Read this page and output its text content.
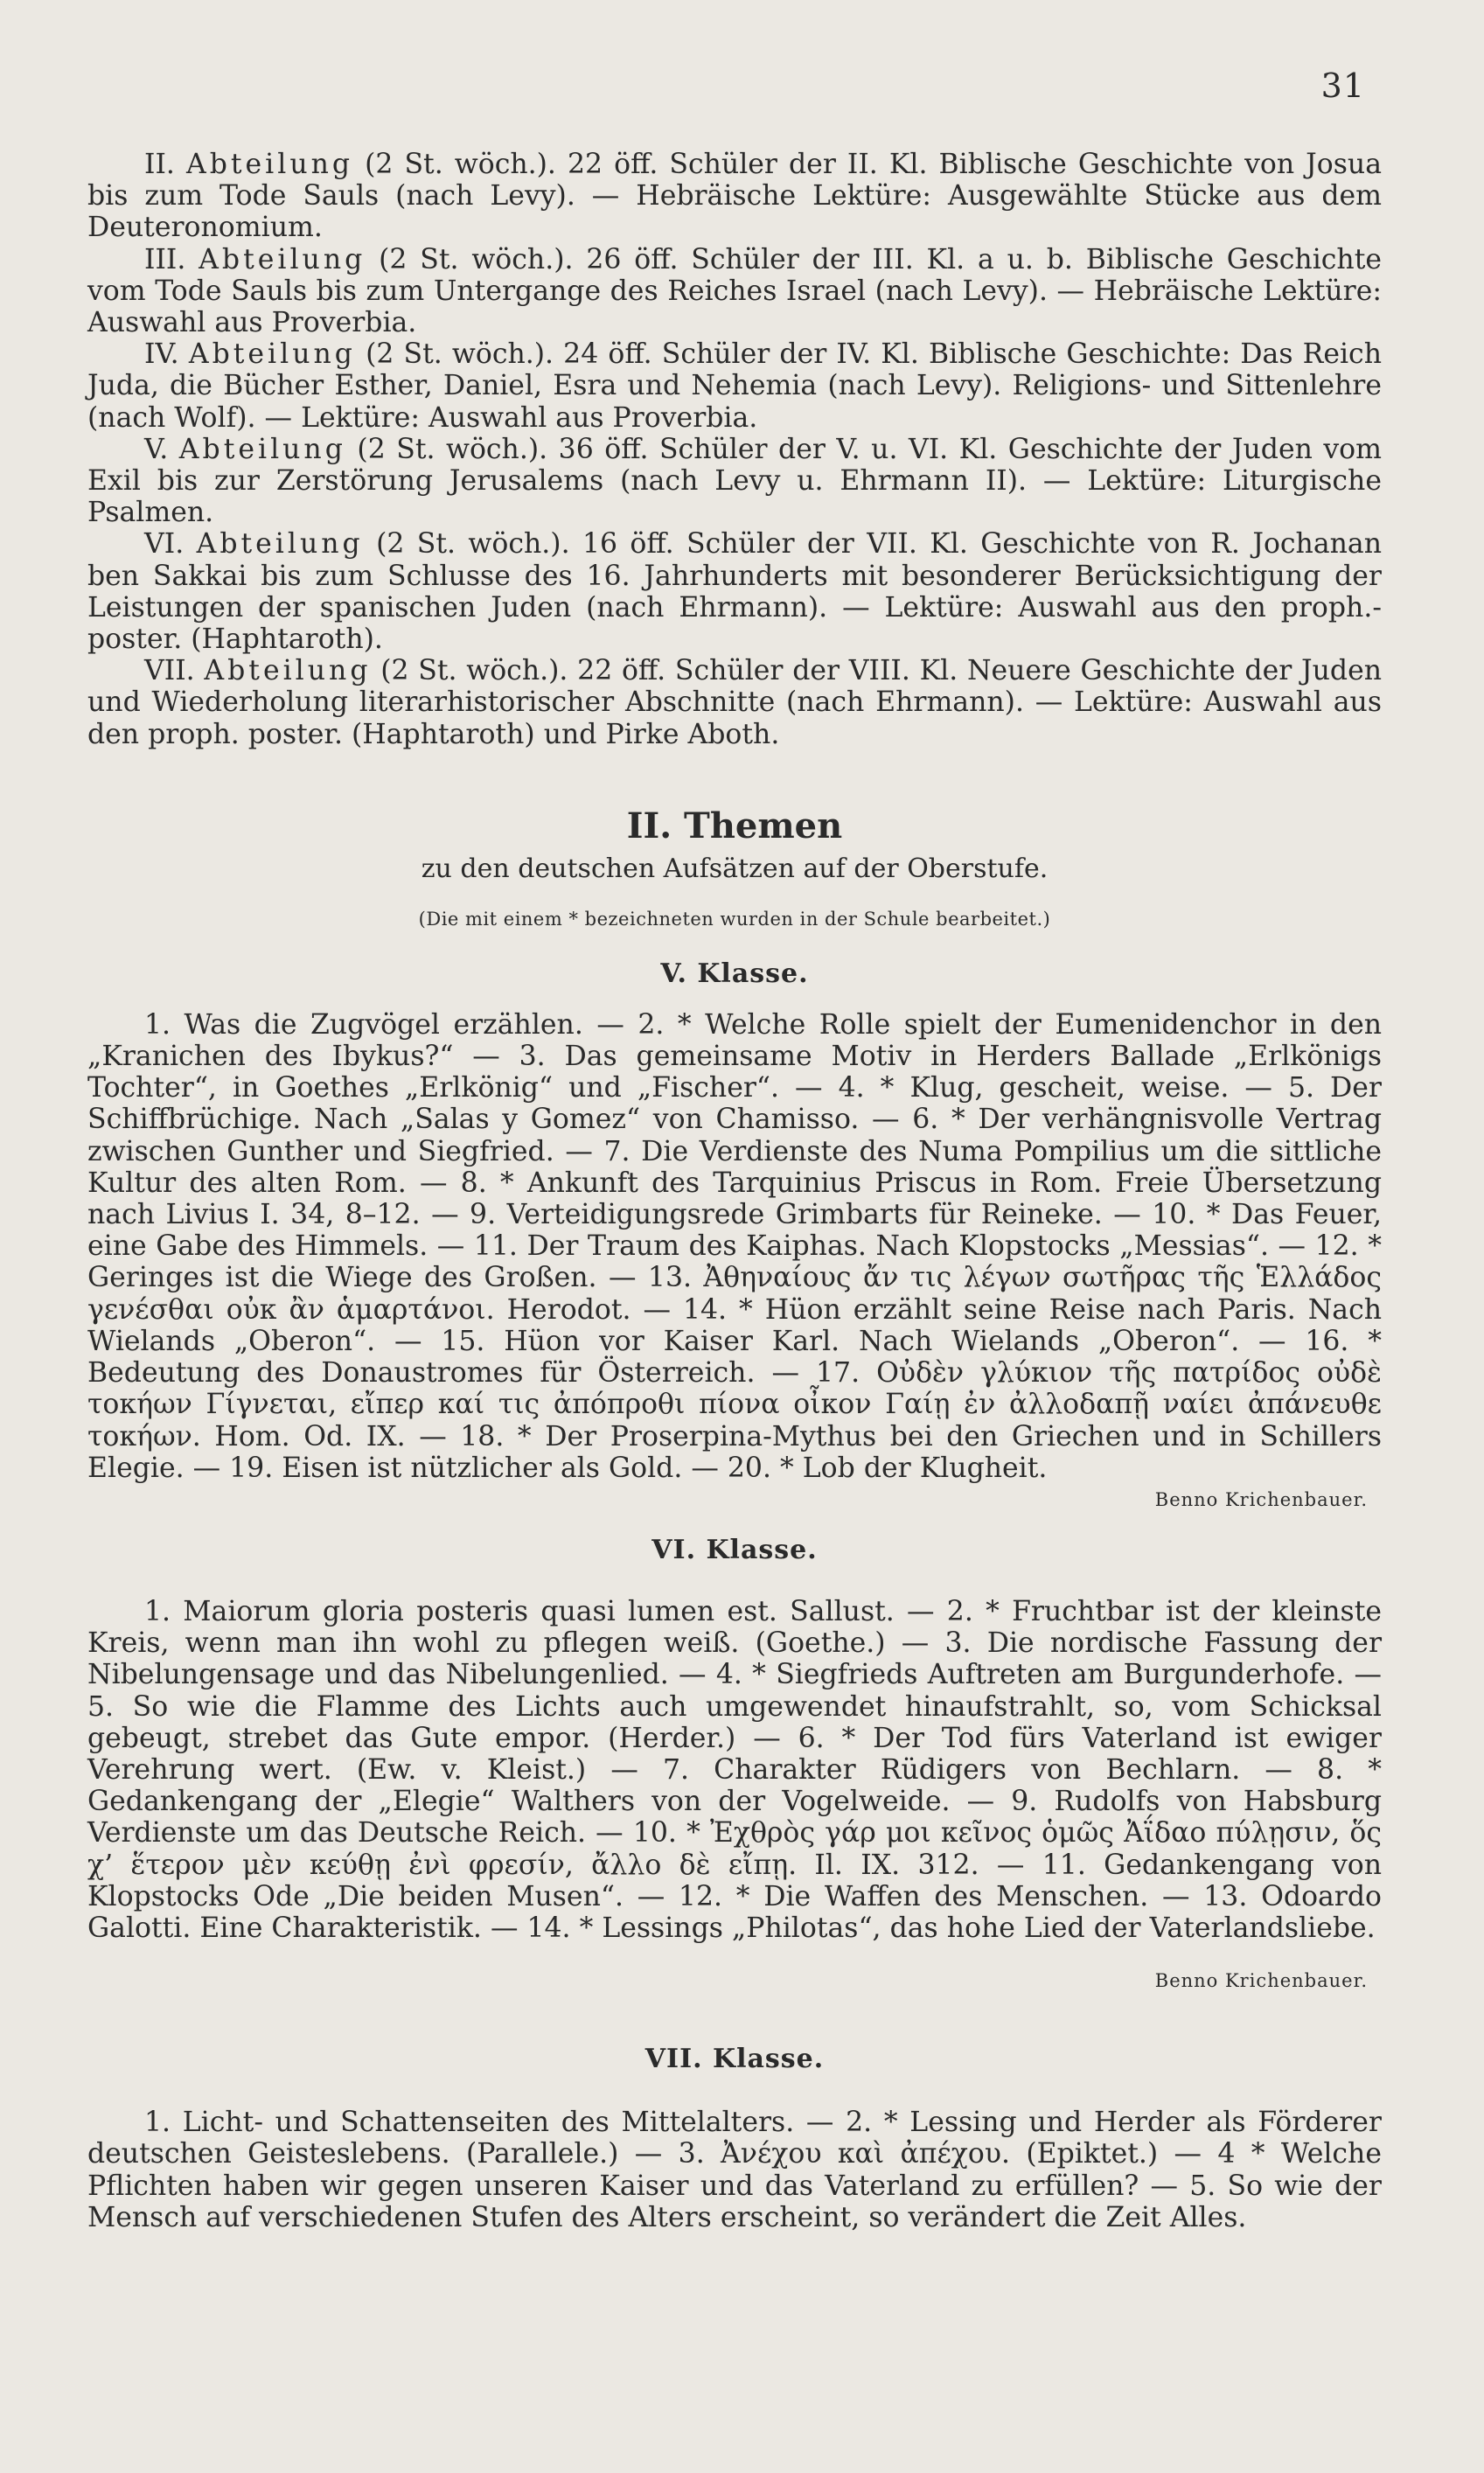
31

II. Abteilung (2 St. wöch.). 22 öff. Schüler der II. Kl. Biblische Geschichte von Josua bis zum Tode Sauls (nach Levy). — Hebräische Lektüre: Ausgewählte Stücke aus dem Deuteronomium.

III. Abteilung (2 St. wöch.). 26 öff. Schüler der III. Kl. a u. b. Biblische Geschichte vom Tode Sauls bis zum Untergange des Reiches Israel (nach Levy). — Hebräische Lektüre: Auswahl aus Proverbia.

IV. Abteilung (2 St. wöch.). 24 öff. Schüler der IV. Kl. Biblische Geschichte: Das Reich Juda, die Bücher Esther, Daniel, Esra und Nehemia (nach Levy). Religions- und Sittenlehre (nach Wolf). — Lektüre: Auswahl aus Proverbia.

V. Abteilung (2 St. wöch.). 36 öff. Schüler der V. u. VI. Kl. Geschichte der Juden vom Exil bis zur Zerstörung Jerusalems (nach Levy u. Ehrmann II). — Lektüre: Liturgische Psalmen.

VI. Abteilung (2 St. wöch.). 16 öff. Schüler der VII. Kl. Geschichte von R. Jochanan ben Sakkai bis zum Schlusse des 16. Jahrhunderts mit besonderer Berücksichtigung der Leistungen der spanischen Juden (nach Ehrmann). — Lektüre: Auswahl aus den proph.-poster. (Haphtaroth).

VII. Abteilung (2 St. wöch.). 22 öff. Schüler der VIII. Kl. Neuere Geschichte der Juden und Wiederholung literarhistorischer Abschnitte (nach Ehrmann). — Lektüre: Auswahl aus den proph. poster. (Haphtaroth) und Pirke Aboth.

II. Themen
zu den deutschen Aufsätzen auf der Oberstufe.
(Die mit einem * bezeichneten wurden in der Schule bearbeitet.)
V. Klasse.

1. Was die Zugvögel erzählen. — 2. * Welche Rolle spielt der Eumenidenchor in den „Kranichen des Ibykus?“ — 3. Das gemeinsame Motiv in Herders Ballade „Erlkönigs Tochter“, in Goethes „Erlkönig“ und „Fischer“. — 4. * Klug, gescheit, weise. — 5. Der Schiffbrüchige. Nach „Salas y Gomez“ von Chamisso. — 6. * Der verhängnisvolle Vertrag zwischen Gunther und Siegfried. — 7. Die Verdienste des Numa Pompilius um die sittliche Kultur des alten Rom. — 8. * Ankunft des Tarquinius Priscus in Rom. Freie Übersetzung nach Livius I. 34, 8–12. — 9. Verteidigungsrede Grimbarts für Reineke. — 10. * Das Feuer, eine Gabe des Himmels. — 11. Der Traum des Kaiphas. Nach Klopstocks „Messias“. — 12. * Geringes ist die Wiege des Großen. — 13. Ἀθηναίους ἄν τις λέγων σωτῆρας τῆς Ἑλλάδος γενέσθαι οὐκ ἂν ἁμαρτάνοι. Herodot. — 14. * Hüon erzählt seine Reise nach Paris. Nach Wielands „Oberon“. — 15. Hüon vor Kaiser Karl. Nach Wielands „Oberon“. — 16. * Bedeutung des Donaustromes für Österreich. — 17. Οὐδὲν γλύκιον τῆς πατρίδος οὐδὲ τοκήων Γίγνεται, εἴπερ καί τις ἀπόπροθι πίονα οἶκον Γαίῃ ἐν ἀλλοδαπῇ ναίει ἀπάνευθε τοκήων. Hom. Od. IX. — 18. * Der Proserpina-Mythus bei den Griechen und in Schillers Elegie. — 19. Eisen ist nützlicher als Gold. — 20. * Lob der Klugheit.

Benno Krichenbauer.
VI. Klasse.

1. Maiorum gloria posteris quasi lumen est. Sallust. — 2. * Fruchtbar ist der kleinste Kreis, wenn man ihn wohl zu pflegen weiß. (Goethe.) — 3. Die nordische Fassung der Nibelungensage und das Nibelungenlied. — 4. * Siegfrieds Auftreten am Burgunderhofe. — 5. So wie die Flamme des Lichts auch umgewendet hinaufstrahlt, so, vom Schicksal gebeugt, strebet das Gute empor. (Herder.) — 6. * Der Tod fürs Vaterland ist ewiger Verehrung wert. (Ew. v. Kleist.) — 7. Charakter Rüdigers von Bechlarn. — 8. * Gedankengang der „Elegie“ Walthers von der Vogelweide. — 9. Rudolfs von Habsburg Verdienste um das Deutsche Reich. — 10. * Ἐχθρὸς γάρ μοι κεῖνος ὁμῶς Ἀΐδαο πύλῃσιν, ὅς χ’ ἕτερον μὲν κεύθῃ ἐνὶ φρεσίν, ἄλλο δὲ εἴπῃ. Il. IX. 312. — 11. Gedankengang von Klopstocks Ode „Die beiden Musen“. — 12. * Die Waffen des Menschen. — 13. Odoardo Galotti. Eine Charakteristik. — 14. * Lessings „Philotas“, das hohe Lied der Vaterlandsliebe.

Benno Krichenbauer.
VII. Klasse.

1. Licht- und Schattenseiten des Mittelalters. — 2. * Lessing und Herder als Förderer deutschen Geisteslebens. (Parallele.) — 3. Ἀνέχου καὶ ἀπέχου. (Epiktet.) — 4 * Welche Pflichten haben wir gegen unseren Kaiser und das Vaterland zu erfüllen? — 5. So wie der Mensch auf verschiedenen Stufen des Alters erscheint, so verändert die Zeit Alles.
